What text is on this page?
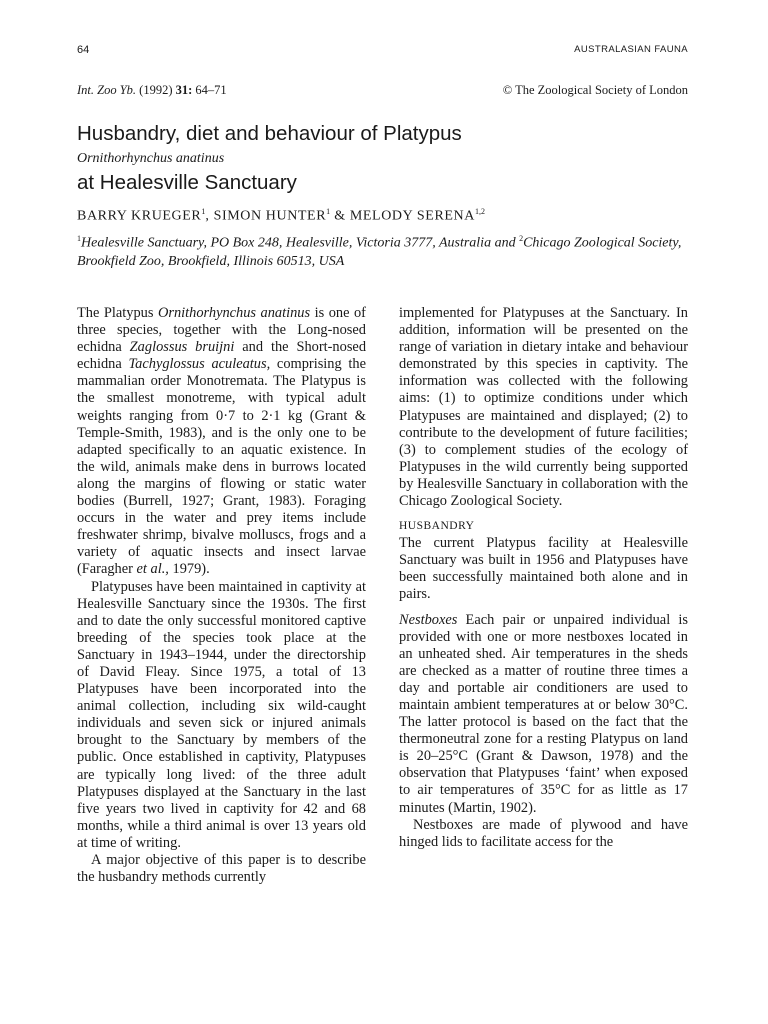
64	AUSTRALASIAN FAUNA
Int. Zoo Yb. (1992) 31: 64–71	© The Zoological Society of London
Husbandry, diet and behaviour of Platypus
Ornithorhynchus anatinus
at Healesville Sanctuary
BARRY KRUEGER$^1$, SIMON HUNTER$^1$ & MELODY SERENA$^{1,2}$
$^1$Healesville Sanctuary, PO Box 248, Healesville, Victoria 3777, Australia and $^2$Chicago Zoological Society, Brookfield Zoo, Brookfield, Illinois 60513, USA

The Platypus Ornithorhynchus anatinus is one of three species, together with the Long-nosed echidna Zaglossus bruijni and the Short-nosed echidna Tachyglossus aculeatus, comprising the mammalian order Monotremata. The Platypus is the smallest monotreme, with typical adult weights ranging from 0·7 to 2·1 kg (Grant & Temple-Smith, 1983), and is the only one to be adapted specifically to an aquatic existence. In the wild, animals make dens in burrows located along the margins of flowing or static water bodies (Burrell, 1927; Grant, 1983). Foraging occurs in the water and prey items include freshwater shrimp, bivalve molluscs, frogs and a variety of aquatic insects and insect larvae (Faragher et al., 1979).

Platypuses have been maintained in captivity at Healesville Sanctuary since the 1930s. The first and to date the only successful monitored captive breeding of the species took place at the Sanctuary in 1943–1944, under the directorship of David Fleay. Since 1975, a total of 13 Platypuses have been incorporated into the animal collection, including six wild-caught individuals and seven sick or injured animals brought to the Sanctuary by members of the public. Once established in captivity, Platypuses are typically long lived: of the three adult Platypuses displayed at the Sanctuary in the last five years two lived in captivity for 42 and 68 months, while a third animal is over 13 years old at time of writing.

A major objective of this paper is to describe the husbandry methods currently

implemented for Platypuses at the Sanctuary. In addition, information will be presented on the range of variation in dietary intake and behaviour demonstrated by this species in captivity. The information was collected with the following aims: (1) to optimize conditions under which Platypuses are maintained and displayed; (2) to contribute to the development of future facilities; (3) to complement studies of the ecology of Platypuses in the wild currently being supported by Healesville Sanctuary in collaboration with the Chicago Zoological Society.

HUSBANDRY

The current Platypus facility at Healesville Sanctuary was built in 1956 and Platypuses have been successfully maintained both alone and in pairs.

Nestboxes Each pair or unpaired individual is provided with one or more nestboxes located in an unheated shed. Air temperatures in the sheds are checked as a matter of routine three times a day and portable air conditioners are used to maintain ambient temperatures at or below 30°C. The latter protocol is based on the fact that the thermoneutral zone for a resting Platypus on land is 20–25°C (Grant & Dawson, 1978) and the observation that Platypuses ‘faint’ when exposed to air temperatures of 35°C for as little as 17 minutes (Martin, 1902).

Nestboxes are made of plywood and have hinged lids to facilitate access for the
